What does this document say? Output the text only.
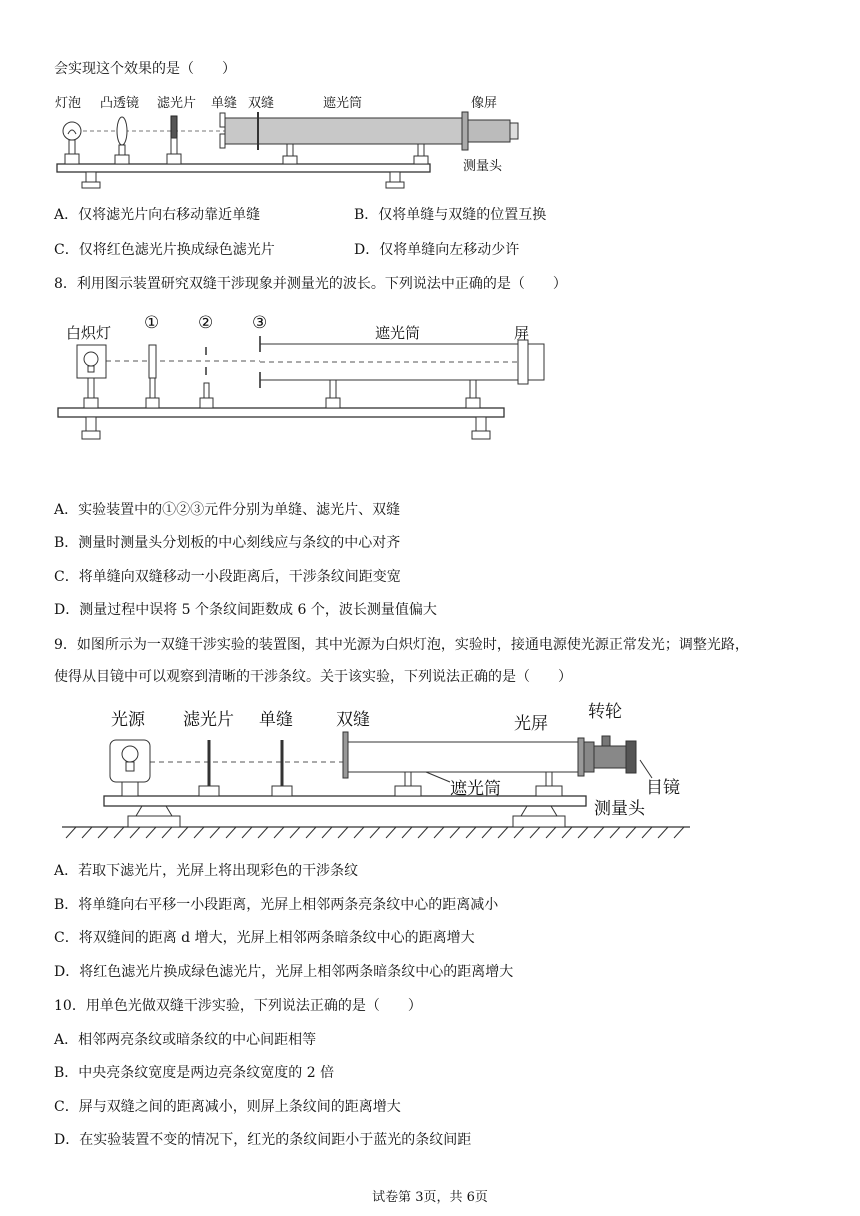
会实现这个效果的是（　　）
灯泡 凸透镜 滤光片 单缝 双缝	遮光筒	像屏
测量头
A．仅将滤光片向右移动靠近单缝	B．仅将单缝与双缝的位置互换
C．仅将红色滤光片换成绿色滤光片	D．仅将单缝向左移动少许
8．利用图示装置研究双缝干涉现象并测量光的波长。下列说法中正确的是（　　）
白炽灯 ① ② ③	遮光筒	屏
A．实验装置中的①②③元件分别为单缝、滤光片、双缝
B．测量时测量头分划板的中心刻线应与条纹的中心对齐
C．将单缝向双缝移动一小段距离后，干涉条纹间距变宽
D．测量过程中误将 5 个条纹间距数成 6 个，波长测量值偏大
9．如图所示为一双缝干涉实验的装置图，其中光源为白炽灯泡，实验时，接通电源使光源正常发光；调整光路，
使得从目镜中可以观察到清晰的干涉条纹。关于该实验，下列说法正确的是（　　）
光源 滤光片 单缝	双缝	光屏
转轮
遮光筒	目镜
测量头
A．若取下滤光片，光屏上将出现彩色的干涉条纹
B．将单缝向右平移一小段距离，光屏上相邻两条亮条纹中心的距离减小
C．将双缝间的距离 d 增大，光屏上相邻两条暗条纹中心的距离增大
D．将红色滤光片换成绿色滤光片，光屏上相邻两条暗条纹中心的距离增大
10．用单色光做双缝干涉实验，下列说法正确的是（　　）
A．相邻两亮条纹或暗条纹的中心间距相等
B．中央亮条纹宽度是两边亮条纹宽度的 2 倍
C．屏与双缝之间的距离减小，则屏上条纹间的距离增大
D．在实验装置不变的情况下，红光的条纹间距小于蓝光的条纹间距
试卷第 3页，共 6页
